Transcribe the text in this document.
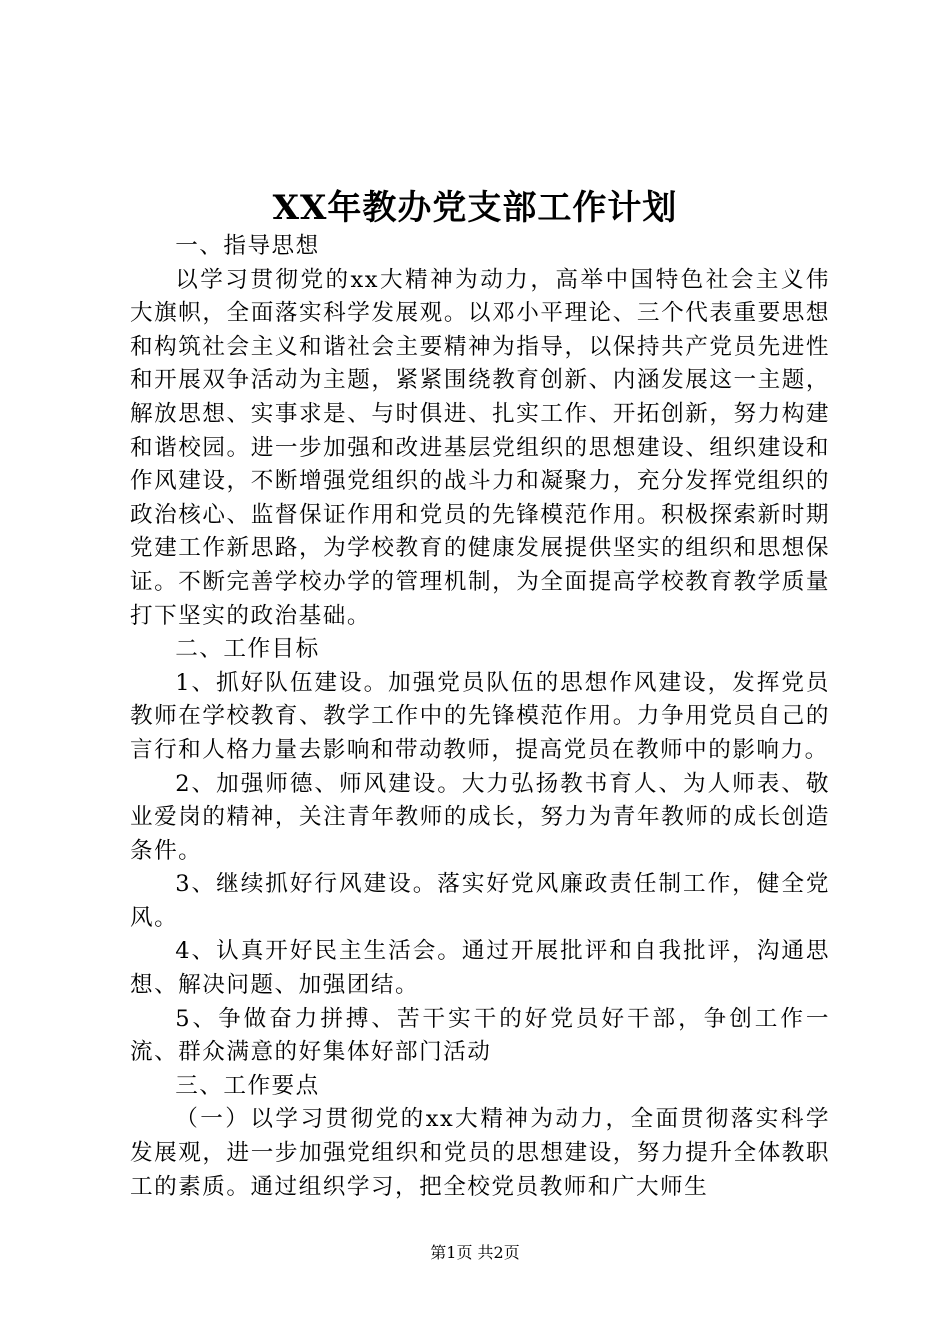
XX年教办党支部工作计划

一、指导思想

以学习贯彻党的xx大精神为动力，高举中国特色社会主义伟大旗帜，全面落实科学发展观。以邓小平理论、三个代表重要思想和构筑社会主义和谐社会主要精神为指导，以保持共产党员先进性和开展双争活动为主题，紧紧围绕教育创新、内涵发展这一主题，解放思想、实事求是、与时俱进、扎实工作、开拓创新，努力构建和谐校园。进一步加强和改进基层党组织的思想建设、组织建设和作风建设，不断增强党组织的战斗力和凝聚力，充分发挥党组织的政治核心、监督保证作用和党员的先锋模范作用。积极探索新时期党建工作新思路，为学校教育的健康发展提供坚实的组织和思想保证。不断完善学校办学的管理机制，为全面提高学校教育教学质量打下坚实的政治基础。

二、工作目标

1、抓好队伍建设。加强党员队伍的思想作风建设，发挥党员教师在学校教育、教学工作中的先锋模范作用。力争用党员自己的言行和人格力量去影响和带动教师，提高党员在教师中的影响力。

2、加强师德、师风建设。大力弘扬教书育人、为人师表、敬业爱岗的精神，关注青年教师的成长，努力为青年教师的成长创造条件。

3、继续抓好行风建设。落实好党风廉政责任制工作，健全党风。

4、认真开好民主生活会。通过开展批评和自我批评，沟通思想、解决问题、加强团结。

5、争做奋力拼搏、苦干实干的好党员好干部，争创工作一流、群众满意的好集体好部门活动

三、工作要点

（一）以学习贯彻党的xx大精神为动力，全面贯彻落实科学发展观，进一步加强党组织和党员的思想建设，努力提升全体教职工的素质。通过组织学习，把全校党员教师和广大师生

第1页 共2页
